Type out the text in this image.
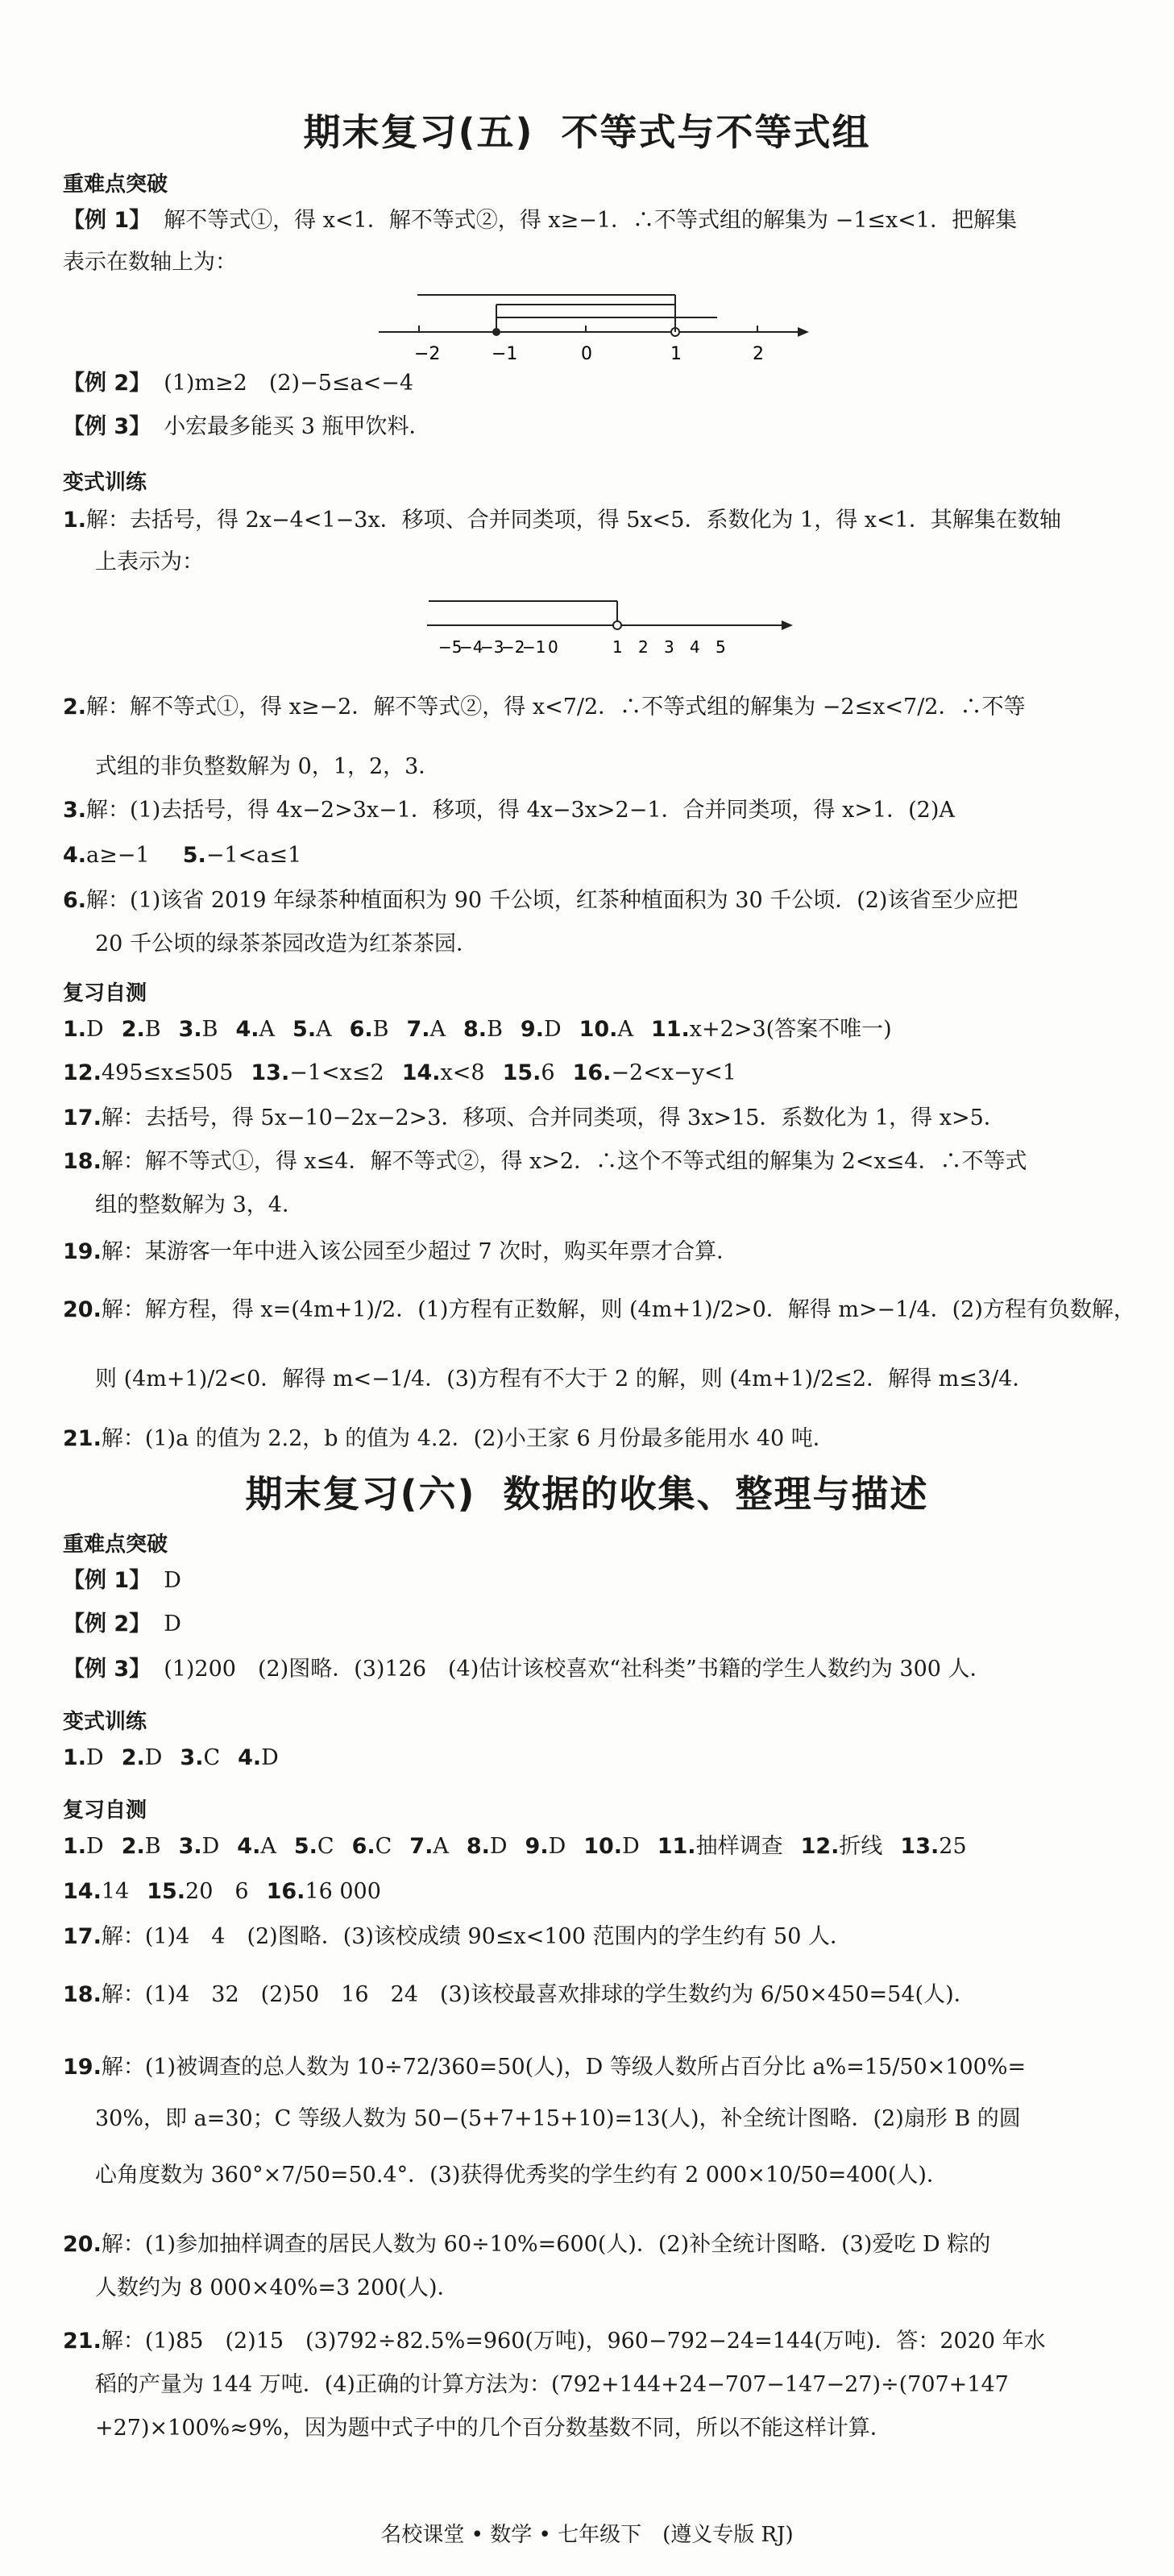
期末复习(五) 不等式与不等式组
重难点突破
【例 1】 解不等式①，得 x<1．解不等式②，得 x≥−1．∴不等式组的解集为 −1≤x<1．把解集
表示在数轴上为：
−2	−1	0	1	2
【例 2】 (1)m≥2　(2)−5≤a<−4
【例 3】 小宏最多能买 3 瓶甲饮料．
变式训练
1.解：去括号，得 2x−4<1−3x．移项、合并同类项，得 5x<5．系数化为 1，得 x<1．其解集在数轴
上表示为：
−5
−4
−3
−2
−1 0	1 2 3 4 5
2.解：解不等式①，得 x≥−2．解不等式②，得 x<7/2．∴不等式组的解集为 −2≤x<7/2．∴不等
式组的非负整数解为 0，1，2，3．
3.解：(1)去括号，得 4x−2>3x−1．移项，得 4x−3x>2−1．合并同类项，得 x>1．(2)A
4.a≥−1 5.−1<a≤1
6.解：(1)该省 2019 年绿茶种植面积为 90 千公顷，红茶种植面积为 30 千公顷．(2)该省至少应把
20 千公顷的绿茶茶园改造为红茶茶园．
复习自测
1.D 2.B 3.B 4.A 5.A 6.B 7.A 8.B 9.D 10.A 11.x+2>3(答案不唯一)
12.495≤x≤505 13.−1<x≤2 14.x<8 15.6 16.−2<x−y<1
17.解：去括号，得 5x−10−2x−2>3．移项、合并同类项，得 3x>15．系数化为 1，得 x>5．
18.解：解不等式①，得 x≤4．解不等式②，得 x>2．∴这个不等式组的解集为 2<x≤4．∴不等式
组的整数解为 3，4．
19.解：某游客一年中进入该公园至少超过 7 次时，购买年票才合算．
20.解：解方程，得 x=(4m+1)/2．(1)方程有正数解，则 (4m+1)/2>0．解得 m>−1/4．(2)方程有负数解，
则 (4m+1)/2<0．解得 m<−1/4．(3)方程有不大于 2 的解，则 (4m+1)/2≤2．解得 m≤3/4．
21.解：(1)a 的值为 2.2，b 的值为 4.2．(2)小王家 6 月份最多能用水 40 吨．
期末复习(六) 数据的收集、整理与描述
重难点突破
【例 1】 D
【例 2】 D
【例 3】 (1)200　(2)图略．(3)126　(4)估计该校喜欢“社科类”书籍的学生人数约为 300 人．
变式训练
1.D 2.D 3.C 4.D
复习自测
1.D 2.B 3.D 4.A 5.C 6.C 7.A 8.D 9.D 10.D 11.抽样调查 12.折线 13.25
14.14 15.20　6 16.16 000
17.解：(1)4　4　(2)图略．(3)该校成绩 90≤x<100 范围内的学生约有 50 人．
18.解：(1)4　32　(2)50　16　24　(3)该校最喜欢排球的学生数约为 6/50×450=54(人)．
19.解：(1)被调查的总人数为 10÷72/360=50(人)，D 等级人数所占百分比 a%=15/50×100%=
30%，即 a=30；C 等级人数为 50−(5+7+15+10)=13(人)，补全统计图略．(2)扇形 B 的圆
心角度数为 360°×7/50=50.4°．(3)获得优秀奖的学生约有 2 000×10/50=400(人)．
20.解：(1)参加抽样调查的居民人数为 60÷10%=600(人)．(2)补全统计图略．(3)爱吃 D 粽的
人数约为 8 000×40%=3 200(人)．
21.解：(1)85　(2)15　(3)792÷82.5%=960(万吨)，960−792−24=144(万吨)．答：2020 年水
稻的产量为 144 万吨．(4)正确的计算方法为：(792+144+24−707−147−27)÷(707+147
+27)×100%≈9%，因为题中式子中的几个百分数基数不同，所以不能这样计算．
名校课堂 • 数学 • 七年级下　(遵义专版 RJ)
